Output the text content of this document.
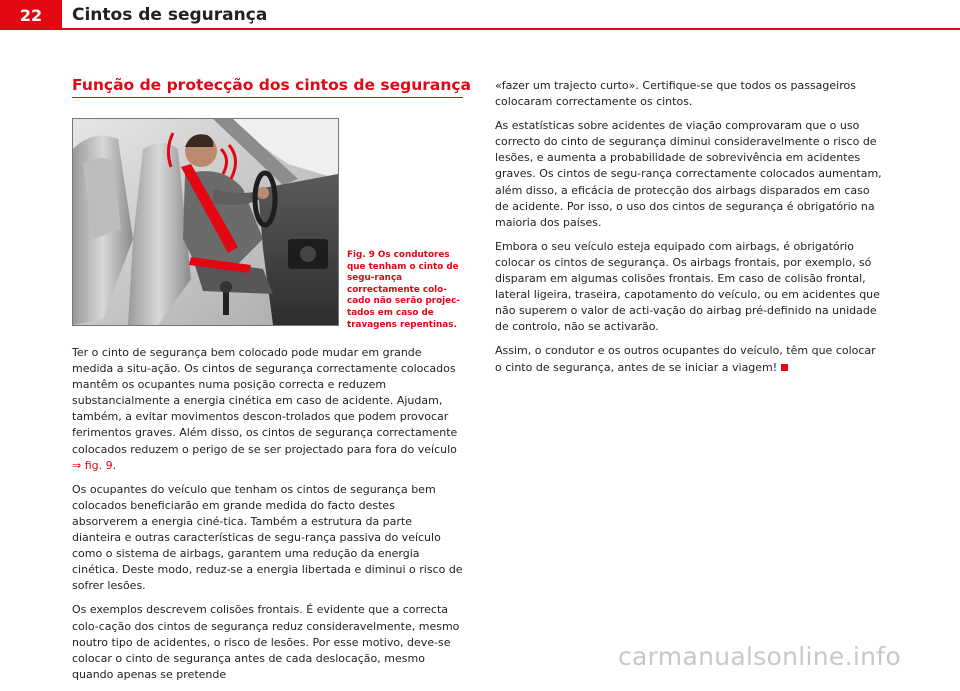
22	Cintos de segurança
Função de protecção dos cintos de segurança
B5P-0047
Fig. 9 Os condutores que tenham o cinto de segu-rança correctamente colo-cado não serão projec-tados em caso de travagens repentinas.

Ter o cinto de segurança bem colocado pode mudar em grande medida a situ-ação. Os cintos de segurança correctamente colocados mantêm os ocupantes numa posição correcta e reduzem substancialmente a energia cinética em caso de acidente. Ajudam, também, a evitar movimentos descon-trolados que podem provocar ferimentos graves. Além disso, os cintos de segurança correctamente colocados reduzem o perigo de se ser projectado para fora do veículo ⇒ fig. 9.

Os ocupantes do veículo que tenham os cintos de segurança bem colocados beneficiarão em grande medida do facto destes absorverem a energia ciné-tica. Também a estrutura da parte dianteira e outras características de segu-rança passiva do veículo como o sistema de airbags, garantem uma redução da energia cinética. Deste modo, reduz-se a energia libertada e diminui o risco de sofrer lesões.

Os exemplos descrevem colisões frontais. É evidente que a correcta colo-cação dos cintos de segurança reduz consideravelmente, mesmo noutro tipo de acidentes, o risco de lesões. Por esse motivo, deve-se colocar o cinto de segurança antes de cada deslocação, mesmo quando apenas se pretende

«fazer um trajecto curto». Certifique-se que todos os passageiros colocaram correctamente os cintos.

As estatísticas sobre acidentes de viação comprovaram que o uso correcto do cinto de segurança diminui consideravelmente o risco de lesões, e aumenta a probabilidade de sobrevivência em acidentes graves. Os cintos de segu-rança correctamente colocados aumentam, além disso, a eficácia de protecção dos airbags disparados em caso de acidente. Por isso, o uso dos cintos de segurança é obrigatório na maioria dos países.

Embora o seu veículo esteja equipado com airbags, é obrigatório colocar os cintos de segurança. Os airbags frontais, por exemplo, só disparam em algumas colisões frontais. Em caso de colisão frontal, lateral ligeira, traseira, capotamento do veículo, ou em acidentes que não superem o valor de acti-vação do airbag pré-definido na unidade de controlo, não se activarão.

Assim, o condutor e os outros ocupantes do veículo, têm que colocar o cinto de segurança, antes de se iniciar a viagem!

carmanualsonline.info
